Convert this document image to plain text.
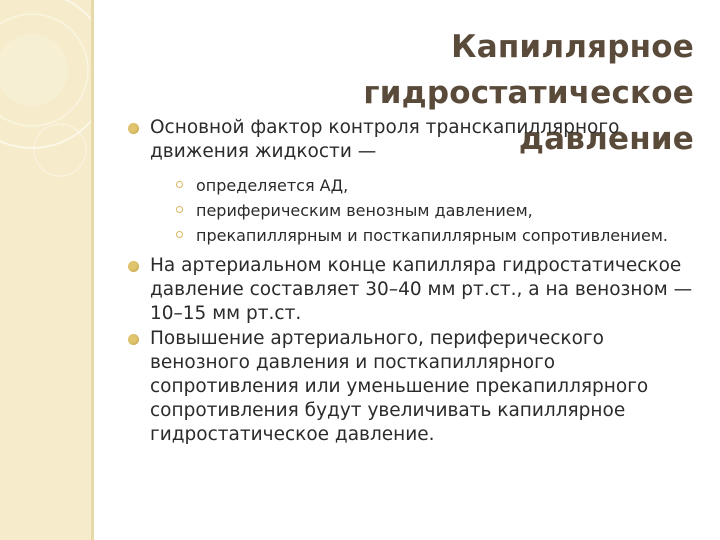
Капиллярное гидростатическое
давление
Основной фактор контроля транскапиллярного движения жидкости —
определяется АД,
периферическим венозным давлением,
прекапиллярным и посткапиллярным сопротивлением.
На артериальном конце капилляра гидростатическое давление составляет 30–40 мм рт.ст., а на венозном — 10–15 мм рт.ст.
Повышение артериального, периферического венозного давления и посткапиллярного сопротивления или уменьшение прекапиллярного сопротивления будут увеличивать капиллярное гидростатическое давление.
